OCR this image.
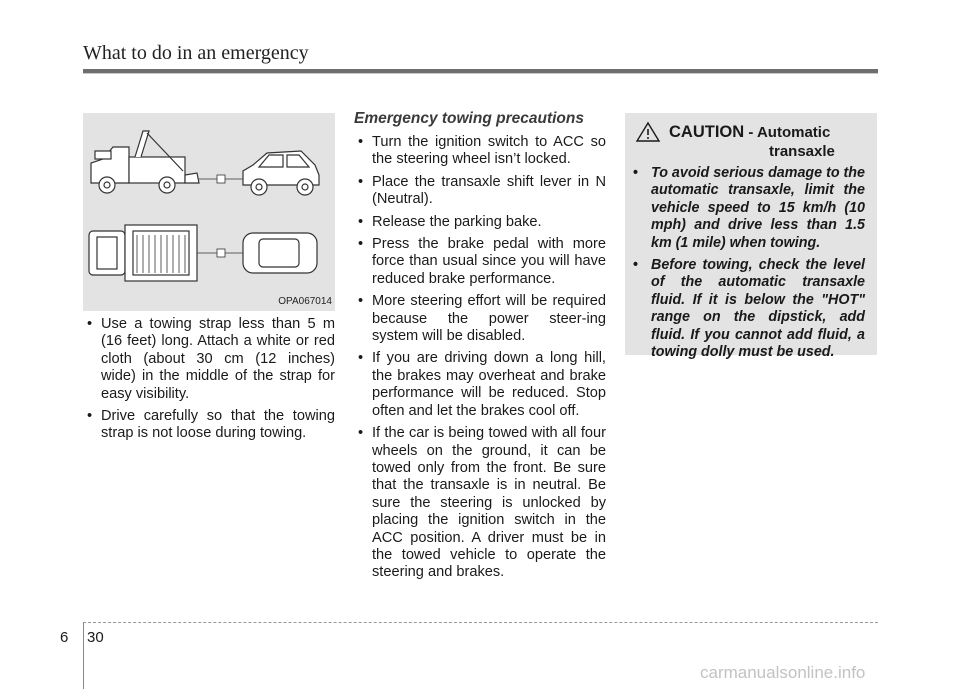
What to do in an emergency
OPA067014
• Use a towing strap less than 5 m (16 feet) long. Attach a white or red cloth (about 30 cm (12 inches) wide) in the middle of the strap for easy visibility.
• Drive carefully so that the towing strap is not loose during towing.
Emergency towing precautions
• Turn the ignition switch to ACC so the steering wheel isn’t locked.
• Place the transaxle shift lever in N (Neutral).
• Release the parking bake.
• Press the brake pedal with more force than usual since you will have reduced brake performance.
• More steering effort will be required because the power steer-ing system will be disabled.
• If you are driving down a long hill, the brakes may overheat and brake performance will be reduced. Stop often and let the brakes cool off.
• If the car is being towed with all four wheels on the ground, it can be towed only from the front. Be sure that the transaxle is in neutral. Be sure the steering is unlocked by placing the ignition switch in the ACC position. A driver must be in the towed vehicle to operate the steering and brakes.
CAUTION - Automatic
transaxle
• To avoid serious damage to the automatic transaxle, limit the vehicle speed to 15 km/h (10 mph) and drive less than 1.5 km (1 mile) when towing.
• Before towing, check the level of the automatic transaxle fluid. If it is below the "HOT" range on the dipstick, add fluid. If you cannot add fluid, a towing dolly must be used.
6 30
carmanualsonline.info
